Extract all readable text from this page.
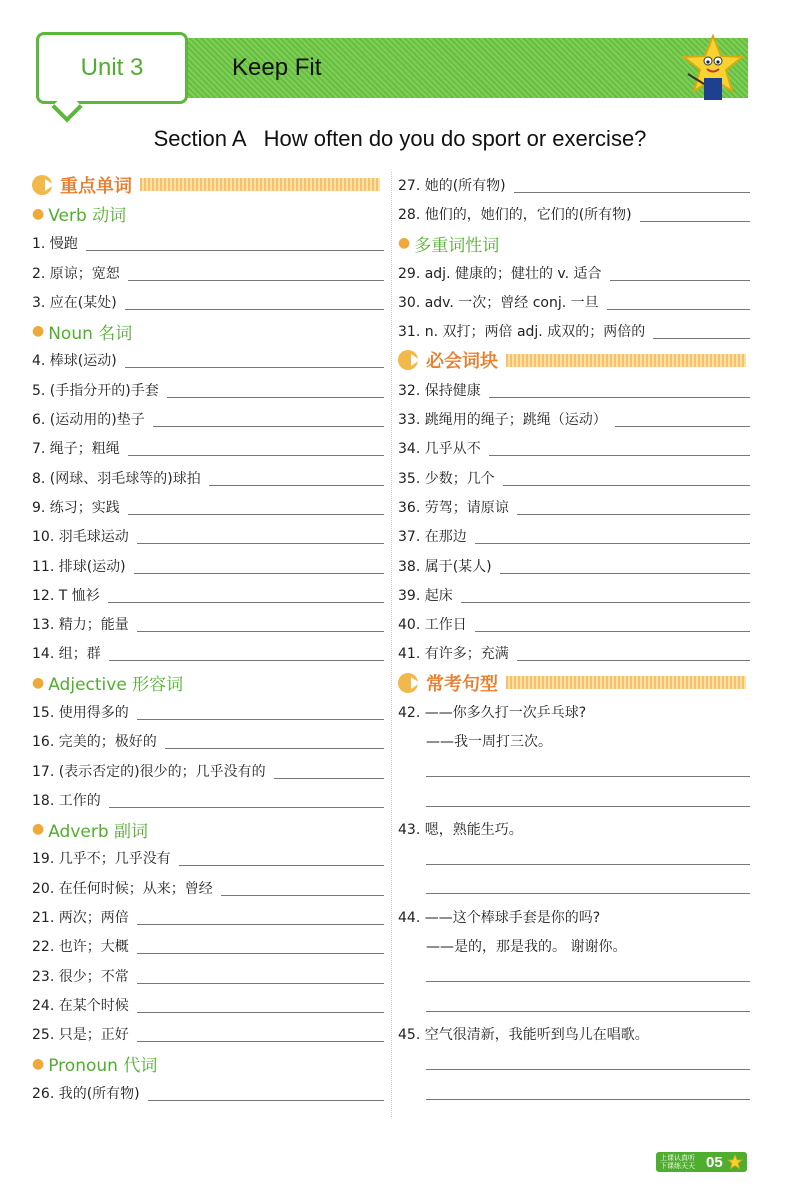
Unit 3	Keep Fit
Section A   How often do you do sport or exercise?
重点单词
● Verb 动词
1. 慢跑
2. 原谅；宽恕
3. 应在(某处)
● Noun 名词
4. 棒球(运动)
5. (手指分开的)手套
6. (运动用的)垫子
7. 绳子；粗绳
8. (网球、羽毛球等的)球拍
9. 练习；实践
10. 羽毛球运动
11. 排球(运动)
12. T 恤衫
13. 精力；能量
14. 组；群
● Adjective 形容词
15. 使用得多的
16. 完美的；极好的
17. (表示否定的)很少的；几乎没有的
18. 工作的
● Adverb 副词
19. 几乎不；几乎没有
20. 在任何时候；从来；曾经
21. 两次；两倍
22. 也许；大概
23. 很少；不常
24. 在某个时候
25. 只是；正好
● Pronoun 代词
26. 我的(所有物)
27. 她的(所有物)
28. 他们的，她们的，它们的(所有物)
● 多重词性词
29. adj. 健康的；健壮的 v. 适合
30. adv. 一次；曾经 conj. 一旦
31. n. 双打；两倍 adj. 成双的；两倍的
必会词块
32. 保持健康
33. 跳绳用的绳子；跳绳（运动）
34. 几乎从不
35. 少数；几个
36. 劳驾；请原谅
37. 在那边
38. 属于(某人)
39. 起床
40. 工作日
41. 有许多；充满
常考句型
42. ——你多久打一次乒乓球?
——我一周打三次。
43. 嗯，熟能生巧。
44. ——这个棒球手套是你的吗?
——是的，那是我的。 谢谢你。
45. 空气很清新，我能听到鸟儿在唱歌。
上课认真听
下课练天天 05
